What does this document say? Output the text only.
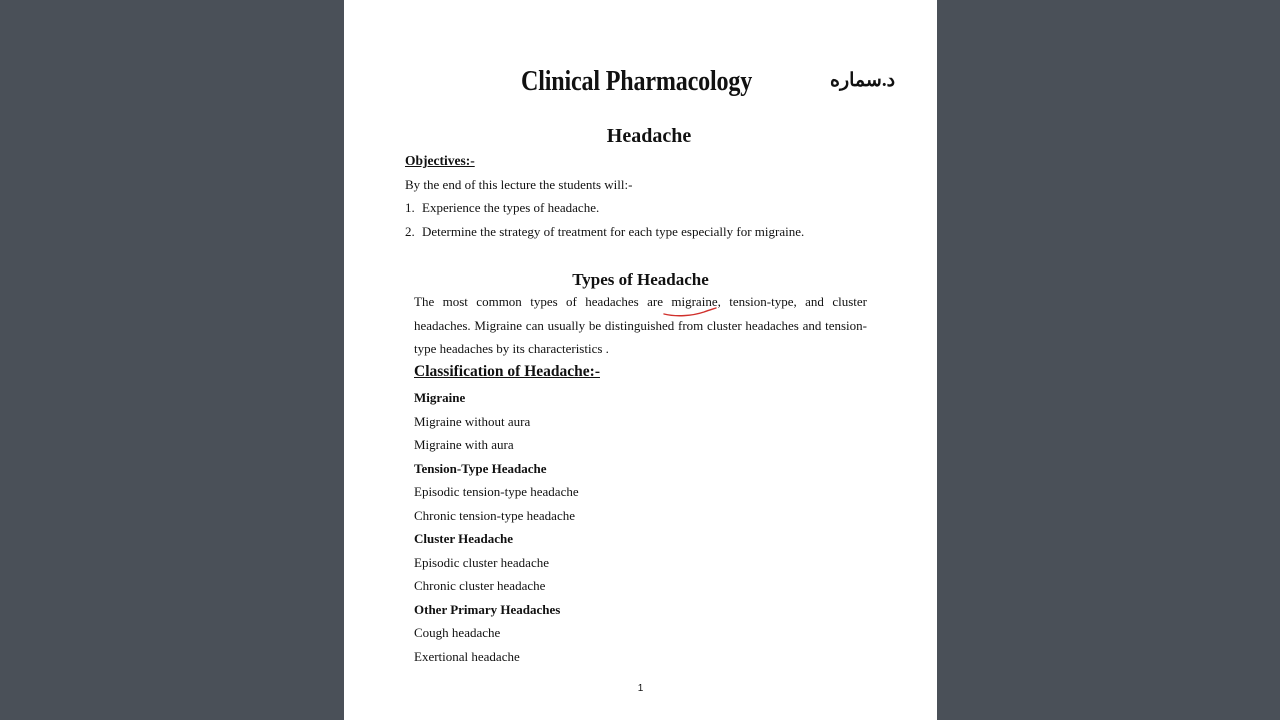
Clinical Pharmacology	د.سماره
Headache
Objectives:-
By the end of this lecture the students will:-
1. Experience the types of headache.
2. Determine the strategy of treatment for each type especially for migraine.
Types of Headache
The most common types of headaches are migraine, tension-type, and cluster headaches. Migraine can usually be distinguished from cluster headaches and tension-type headaches by its characteristics .
Classification of Headache:-
Migraine
Migraine without aura
Migraine with aura
Tension-Type Headache
Episodic tension-type headache
Chronic tension-type headache
Cluster Headache
Episodic cluster headache
Chronic cluster headache
Other Primary Headaches
Cough headache
Exertional headache
1
